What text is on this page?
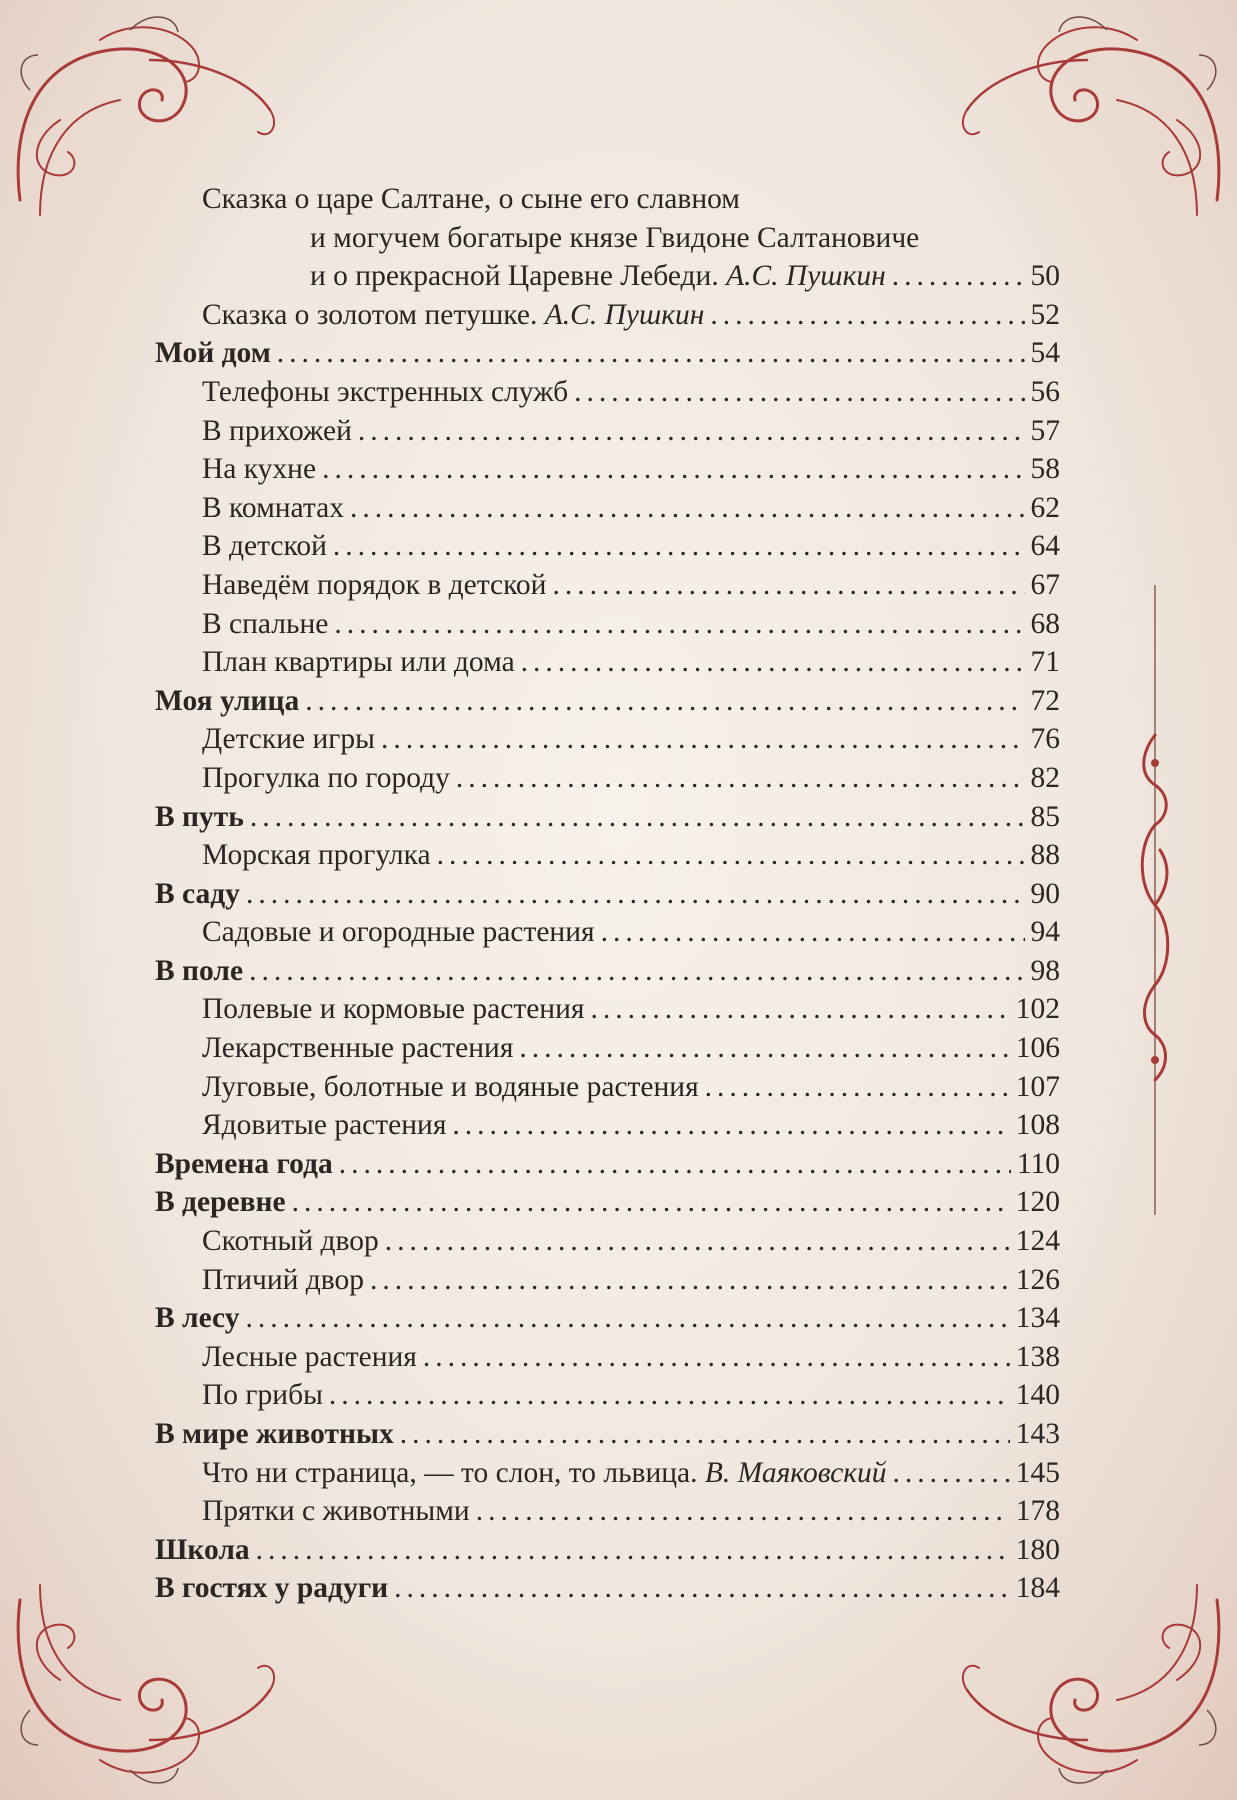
Сказка о царе Салтане, о сыне его славном
и могучем богатыре князе Гвидоне Салтановиче
и о прекрасной Царевне Лебеди. А.С. Пушкин .....	50
Сказка о золотом петушке. А.С. Пушкин .....	52
Мой дом .....	54
Телефоны экстренных служб .....	56
В прихожей .....	57
На кухне .....	58
В комнатах .....	62
В детской .....	64
Наведём порядок в детской .....	67
В спальне .....	68
План квартиры или дома .....	71
Моя улица .....	72
Детские игры .....	76
Прогулка по городу .....	82
В путь .....	85
Морская прогулка .....	88
В саду .....	90
Садовые и огородные растения .....	94
В поле .....	98
Полевые и кормовые растения .....	102
Лекарственные растения .....	106
Луговые, болотные и водяные растения .....	107
Ядовитые растения .....	108
Времена года .....	110
В деревне .....	120
Скотный двор .....	124
Птичий двор .....	126
В лесу .....	134
Лесные растения .....	138
По грибы .....	140
В мире животных .....	143
Что ни страница, — то слон, то львица. В. Маяковский .....	145
Прятки с животными .....	178
Школа .....	180
В гостях у радуги .....	184
